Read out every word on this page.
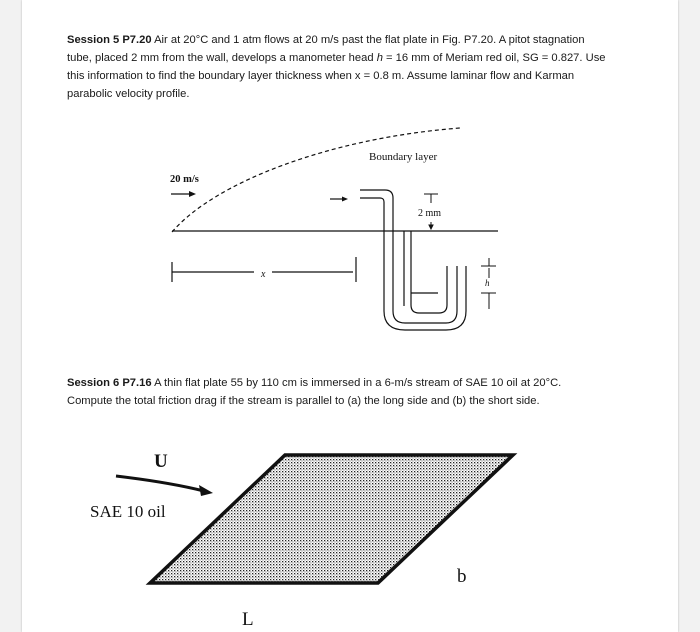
Session 5 P7.20 Air at 20°C and 1 atm flows at 20 m/s past the flat plate in Fig. P7.20. A pitot stagnation tube, placed 2 mm from the wall, develops a manometer head h = 16 mm of Meriam red oil, SG = 0.827. Use this information to find the boundary layer thickness when x = 0.8 m. Assume laminar flow and Karman parabolic velocity profile.
20 m/s
Boundary layer
2 mm
x
h
Session 6 P7.16 A thin flat plate 55 by 110 cm is immersed in a 6-m/s stream of SAE 10 oil at 20°C. Compute the total friction drag if the stream is parallel to (a) the long side and (b) the short side.
U
SAE 10 oil
b
L
